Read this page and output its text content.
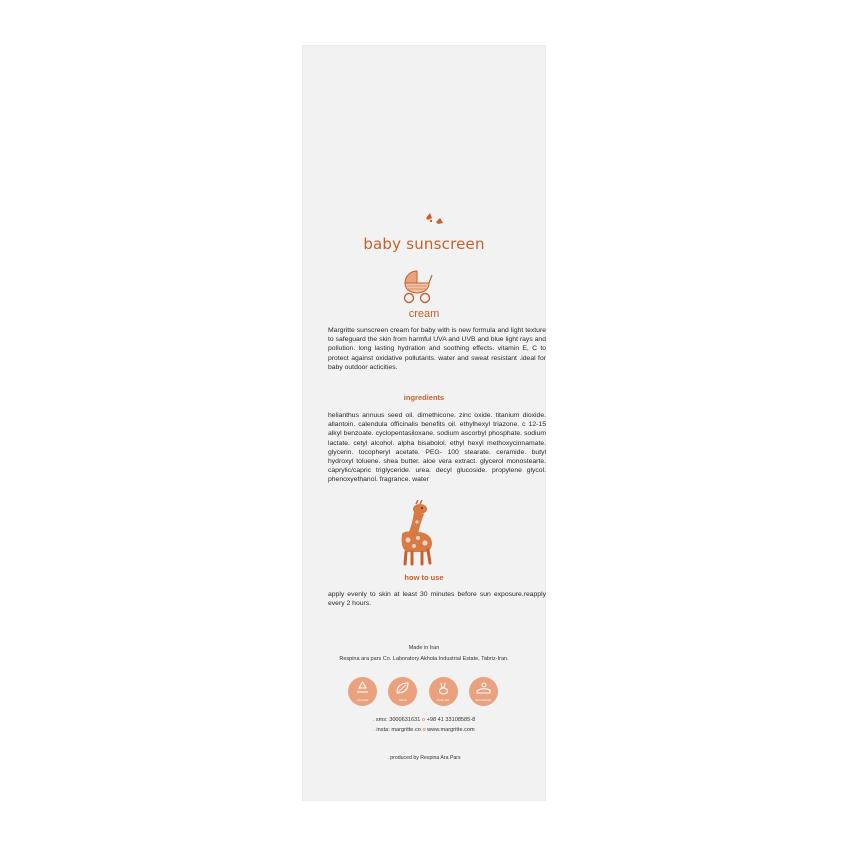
baby sunscreen
cream
Margritte sunscreen cream for baby with is new formula and light texture to safeguard the skin from harmful UVA and UVB and blue light rays and pollution. long lasting hydration and soothing effects. vitamin E, C to protect against oxidative pollutants. water and sweat resistant .ideal for baby outdoor acticities.
ingredients
helianthus annuus seed oil. dimethicone. zinc oxide. titanium dioxide. allantoin. calendula officinalis benefits oil. ethylhexyl triazone. c 12-15 alkyl benzoate. cyclopentasiloxane. sodium ascorbyl phosphate. sodium lactate. cetyl alcohol. alpha bisabolol. ethyl hexyl methoxycinnamate. glycerin. tocopheryl acetate. PEG- 100 stearate. ceramide. butyl hydroxyl toluene. shea butter. aloe vera extract. glycerol monostearte. caprylic/capric triglyceride. urea. decyl glucoside. propylene glycol. phenoxyethanol. fragrance. water
how to use
apply evenly to skin at least 30 minutes before sun exposure.reapply every 2 hours.
Made in Iran
Respina ara pars Co. Laboratory Akhola Industrial Estate, Tabriz-Iran.
recyclable	natural	cruelty free	dermatologist
. sms: 3000631631 o +98 41 33108585-8
. insta: margritte.co o www.margritte.com
. produced by Respina Ara Pars
